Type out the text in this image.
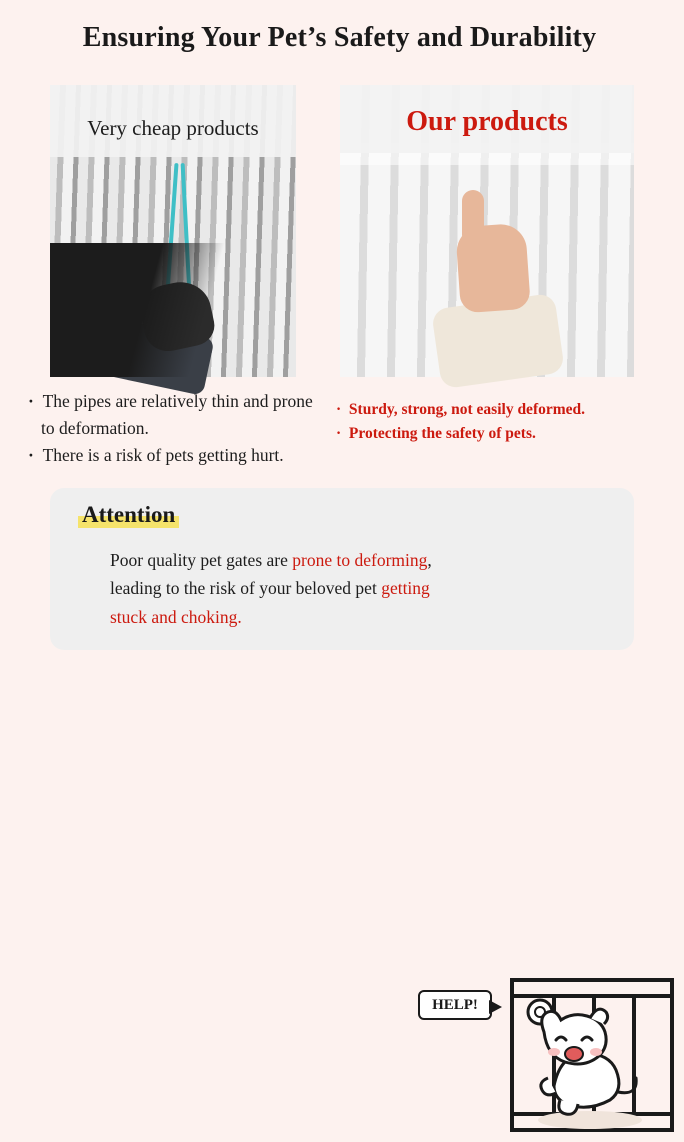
Ensuring Your Pet’s Safety and Durability
Very cheap products	Our products
·  The pipes are relatively thin and prone to deformation.
·  There is a risk of pets getting hurt.
·  Sturdy, strong, not easily deformed.
·  Protecting the safety of pets.
Attention
Poor quality pet gates are prone to deforming, leading to the risk of your beloved pet getting stuck and choking.
HELP!
